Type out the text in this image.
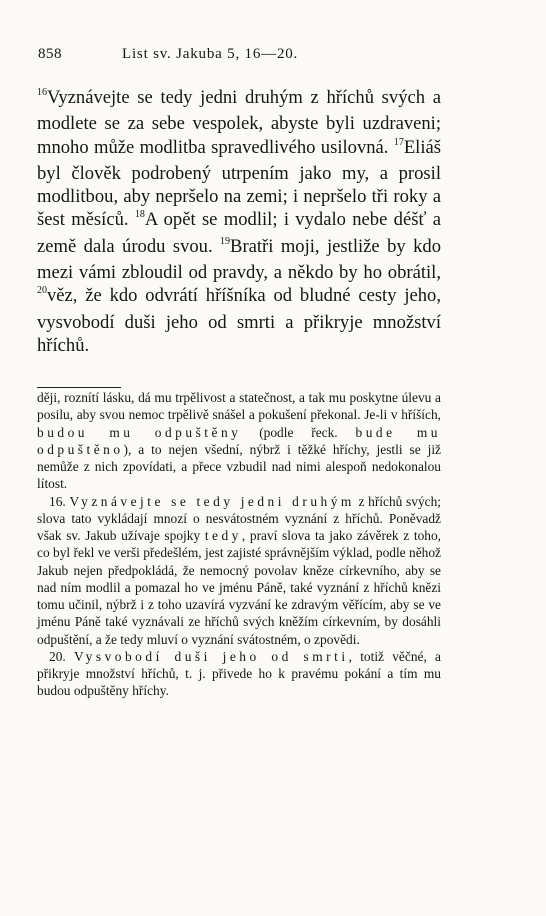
858	List sv. Jakuba 5, 16—20.
$^{16}$Vyznávejte se tedy jedni druhým z hříchů svých a modlete se za sebe vespolek, abyste byli uzdraveni; mnoho může modlitba spravedlivého usilovná. $^{17}$Eliáš byl člověk podrobený utrpením jako my, a prosil modlitbou, aby nepršelo na zemi; i nepršelo tři roky a šest měsíců. $^{18}$A opět se modlil; i vydalo nebe déšť a země dala úrodu svou. $^{19}$Bratři moji, jestliže by kdo mezi vámi zbloudil od pravdy, a někdo by ho obrátil, $^{20}$věz, že kdo odvrátí hříšníka od bludné cesty jeho, vysvobodí duši jeho od smrti a přikryje množství hříchů.

ději, roznítí lásku, dá mu trpělivost a statečnost, a tak mu poskytne úlevu a posilu, aby svou nemoc trpělivě snášel a pokušení překonal. Je-li v hříších, budou mu odpuštěny (podle řeck. bude mu odpuštěno), a to nejen všední, nýbrž i těžké hříchy, jestli se již nemůže z nich zpovídati, a přece vzbudil nad nimi alespoň nedokonalou lítost.

16. Vyznávejte se tedy jedni druhým z hříchů svých; slova tato vykládají mnozí o nesvátostném vyznání z hříchů. Poněvadž však sv. Jakub užívaje spojky tedy, praví slova ta jako závěrek z toho, co byl řekl ve verši předešlém, jest zajisté správnějším výklad, podle něhož Jakub nejen předpokládá, že nemocný povolav kněze církevního, aby se nad ním modlil a pomazal ho ve jménu Páně, také vyznání z hříchů knězi tomu učinil, nýbrž i z toho uzavírá vyzvání ke zdravým věřícím, aby se ve jménu Páně také vyznávali ze hříchů svých kněžím církevním, by dosáhli odpuštění, a že tedy mluví o vyznání svátostném, o zpovědi.

20. Vysvobodí duši jeho od smrti, totiž věčné, a přikryje množství hříchů, t. j. přivede ho k pravému pokání a tím mu budou odpuštěny hříchy.
